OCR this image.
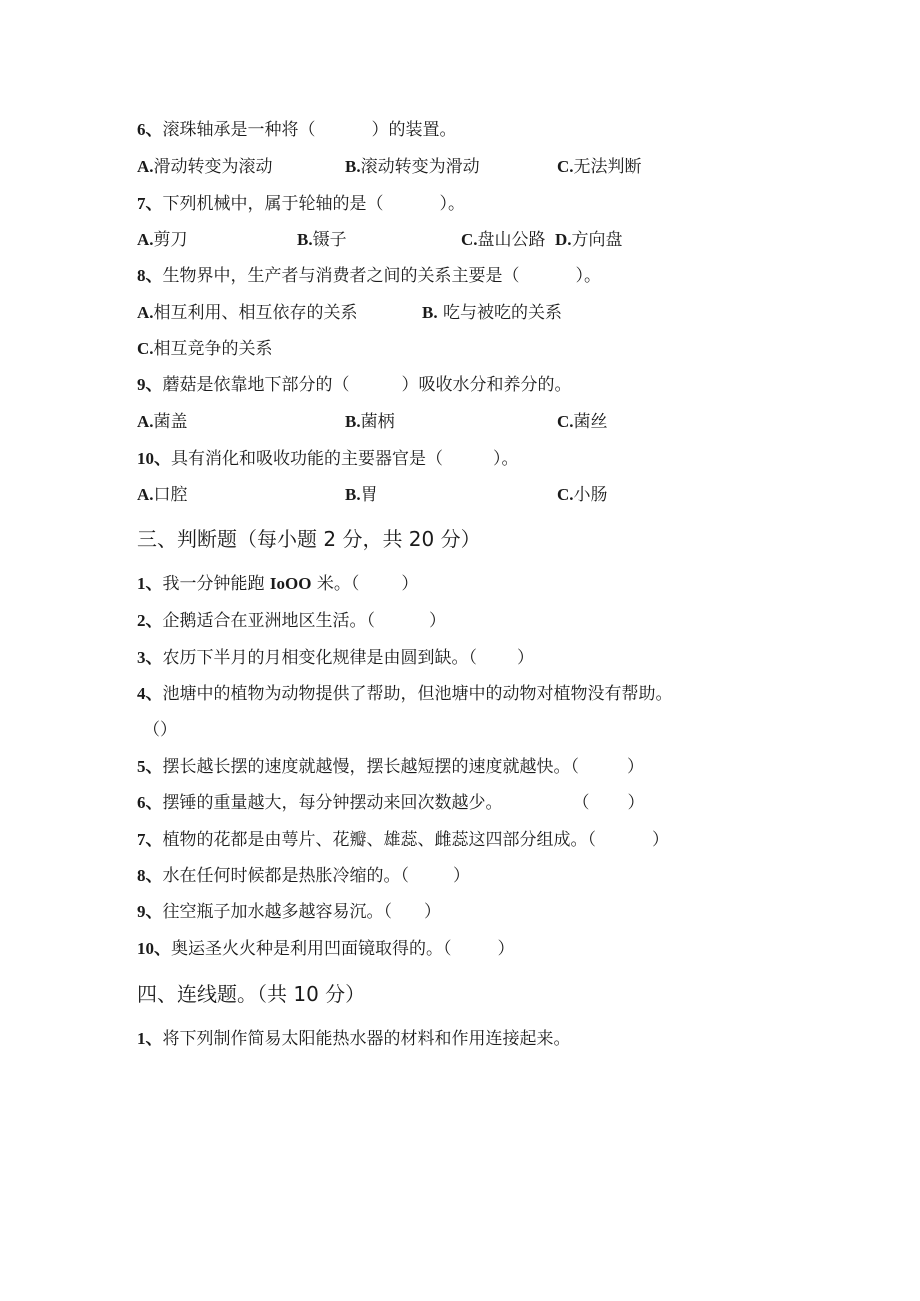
6、滚珠轴承是一种将（	）的装置。
A.滑动转变为滚动	B.滚动转变为滑动	C.无法判断
7、下列机械中，属于轮轴的是（	）。
A.剪刀	B.镊子	C.盘山公路 D.方向盘
8、生物界中，生产者与消费者之间的关系主要是（	）。
A.相互利用、相互依存的关系	B. 吃与被吃的关系
C.相互竞争的关系
9、蘑菇是依靠地下部分的（	）吸收水分和养分的。
A.菌盖	B.菌柄	C.菌丝
10、具有消化和吸收功能的主要器官是（	）。
A.口腔	B.胃	C.小肠
三、判断题（每小题 2 分，共 20 分）
1、我一分钟能跑 IoOO 米。（ ）
2、企鹅适合在亚洲地区生活。（	）
3、农历下半月的月相变化规律是由圆到缺。（ ）
4、池塘中的植物为动物提供了帮助，但池塘中的动物对植物没有帮助。
（）
5、摆长越长摆的速度就越慢，摆长越短摆的速度就越快。（	）
6、摆锤的重量越大，每分钟摆动来回次数越少。	（ ）
7、植物的花都是由萼片、花瓣、雄蕊、雌蕊这四部分组成。（	）
8、水在任何时候都是热胀冷缩的。（	）
9、往空瓶子加水越多越容易沉。（ ）
10、奥运圣火火种是利用凹面镜取得的。（	）
四、连线题。（共 10 分）
1、将下列制作简易太阳能热水器的材料和作用连接起来。
